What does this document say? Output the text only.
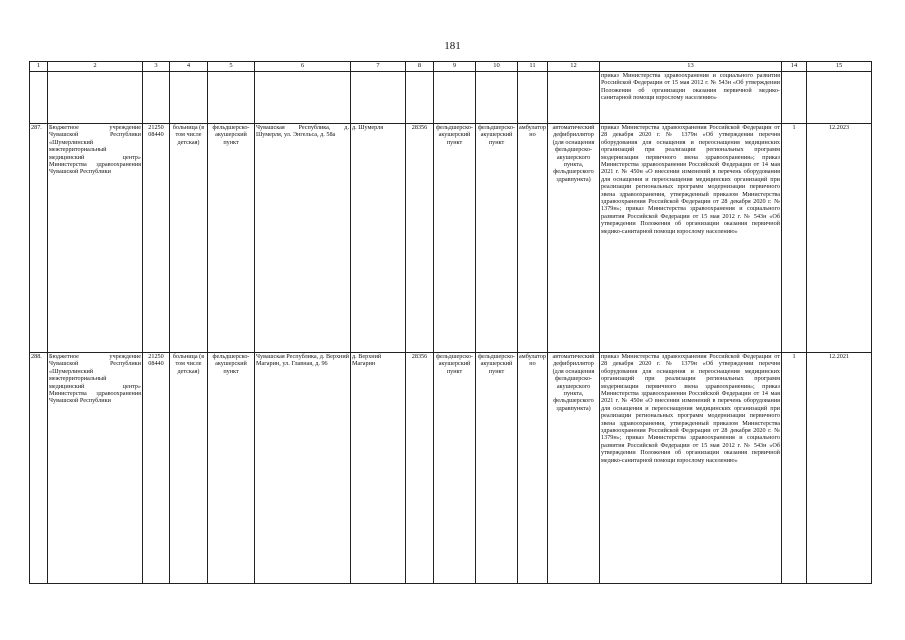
181
1	2	3	4	5	6	7	8	9	10	11	12	13	14	15
												приказ Министерства здравоохранения и социального развития Российской Федерации от 15 мая 2012 г. № 543н «Об утверждении Положения об организации оказания первичной медико-санитарной помощи взрослому населению»		
287.	Бюджетное учреждение Чувашской Республики «Шумерлинский межтерриториальный медицинский центр» Министерства здравоохранения Чувашской Республики	21250 08440	больница (в том числе детская)	фельдшерско-акушерский пункт	Чувашская Республика, д. Шумерля, ул. Энгельса, д. 58а	д. Шумерля	28356	фельдшерско-акушерский пункт	фельдшерско-акушерский пункт	амбулаторно	автоматический дефибриллятор (для оснащения фельдшерско-акушерского пункта, фельдшерского здравпункта)	приказ Министерства здравоохранения Российской Федерации от 28 декабря 2020 г. № 1379н «Об утверждении перечня оборудования для оснащения и переоснащения медицинских организаций при реализации региональных программ модернизации первичного звена здравоохранения»; приказ Министерства здравоохранения Российской Федерации от 14 мая 2021 г. № 450н «О внесении изменений в перечень оборудования для оснащения и переоснащения медицинских организаций при реализации региональных программ модернизации первичного звена здравоохранения, утвержденный приказом Министерства здравоохранения Российской Федерации от 28 декабря 2020 г. № 1379н»; приказ Министерства здравоохранения и социального развития Российской Федерации от 15 мая 2012 г. № 543н «Об утверждении Положения об организации оказания первичной медико-санитарной помощи взрослому населению»	1	12.2023
288.	Бюджетное учреждение Чувашской Республики «Шумерлинский межтерриториальный медицинский центр» Министерства здравоохранения Чувашской Республики	21250 08440	больница (в том числе детская)	фельдшерско-акушерский пункт	Чувашская Республика, д. Верхний Магарин, ул. Главная, д. 96	д. Верхний Магарин	28356	фельдшерско-акушерский пункт	фельдшерско-акушерский пункт	амбулаторно	автоматический дефибриллятор (для оснащения фельдшерско-акушерского пункта, фельдшерского здравпункта)	приказ Министерства здравоохранения Российской Федерации от 28 декабря 2020 г. № 1379н «Об утверждении перечня оборудования для оснащения и переоснащения медицинских организаций при реализации региональных программ модернизации первичного звена здравоохранения»; приказ Министерства здравоохранения Российской Федерации от 14 мая 2021 г. № 450н «О внесении изменений в перечень оборудования для оснащения и переоснащения медицинских организаций при реализации региональных программ модернизации первичного звена здравоохранения, утвержденный приказом Министерства здравоохранения Российской Федерации от 28 декабря 2020 г. № 1379н»; приказ Министерства здравоохранения и социального развития Российской Федерации от 15 мая 2012 г. № 543н «Об утверждении Положения об организации оказания первичной медико-санитарной помощи взрослому населению»	1	12.2021
